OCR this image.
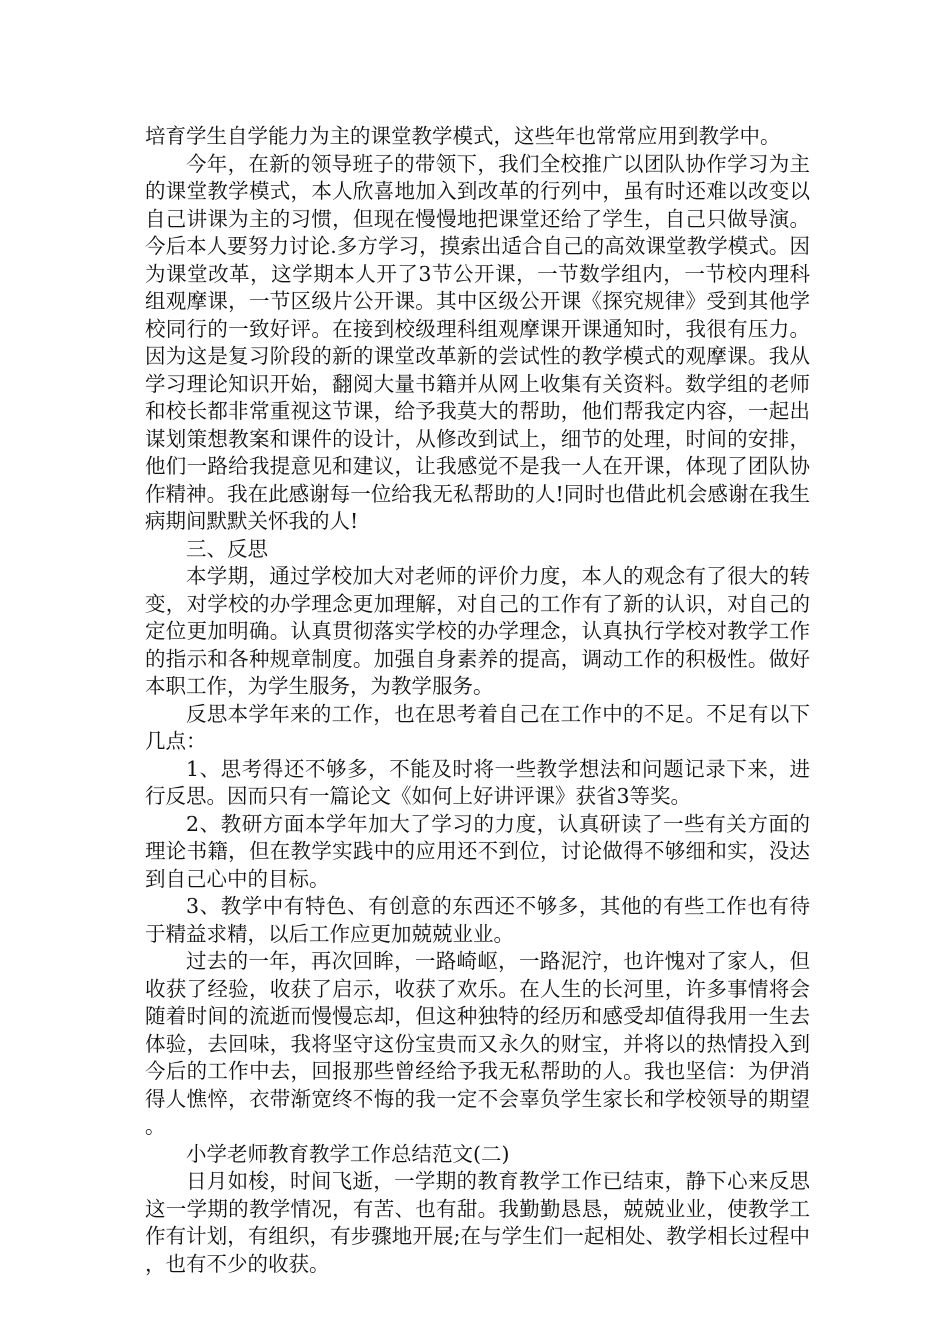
培育学生自学能力为主的课堂教学模式，这些年也常常应用到教学中。

今年，在新的领导班子的带领下，我们全校推广以团队协作学习为主的课堂教学模式，本人欣喜地加入到改革的行列中，虽有时还难以改变以自己讲课为主的习惯，但现在慢慢地把课堂还给了学生，自己只做导演。今后本人要努力讨论.多方学习，摸索出适合自己的高效课堂教学模式。因为课堂改革，这学期本人开了3节公开课，一节数学组内，一节校内理科组观摩课，一节区级片公开课。其中区级公开课《探究规律》受到其他学校同行的一致好评。在接到校级理科组观摩课开课通知时，我很有压力。因为这是复习阶段的新的课堂改革新的尝试性的教学模式的观摩课。我从学习理论知识开始，翻阅大量书籍并从网上收集有关资料。数学组的老师和校长都非常重视这节课，给予我莫大的帮助，他们帮我定内容，一起出谋划策想教案和课件的设计，从修改到试上，细节的处理，时间的安排，他们一路给我提意见和建议，让我感觉不是我一人在开课，体现了团队协作精神。我在此感谢每一位给我无私帮助的人!同时也借此机会感谢在我生病期间默默关怀我的人!

三、反思

本学期，通过学校加大对老师的评价力度，本人的观念有了很大的转变，对学校的办学理念更加理解，对自己的工作有了新的认识，对自己的定位更加明确。认真贯彻落实学校的办学理念，认真执行学校对教学工作的指示和各种规章制度。加强自身素养的提高，调动工作的积极性。做好本职工作，为学生服务，为教学服务。

反思本学年来的工作，也在思考着自己在工作中的不足。不足有以下几点：

1、思考得还不够多，不能及时将一些教学想法和问题记录下来，进行反思。因而只有一篇论文《如何上好讲评课》获省3等奖。

2、教研方面本学年加大了学习的力度，认真研读了一些有关方面的理论书籍，但在教学实践中的应用还不到位，讨论做得不够细和实，没达到自己心中的目标。

3、教学中有特色、有创意的东西还不够多，其他的有些工作也有待于精益求精，以后工作应更加兢兢业业。

过去的一年，再次回眸，一路崎岖，一路泥泞，也许愧对了家人，但收获了经验，收获了启示，收获了欢乐。在人生的长河里，许多事情将会随着时间的流逝而慢慢忘却，但这种独特的经历和感受却值得我用一生去体验，去回味，我将坚守这份宝贵而又永久的财宝，并将以的热情投入到今后的工作中去，回报那些曾经给予我无私帮助的人。我也坚信：为伊消得人憔悴，衣带渐宽终不悔的我一定不会辜负学生家长和学校领导的期望。

小学老师教育教学工作总结范文(二)

日月如梭，时间飞逝，一学期的教育教学工作已结束，静下心来反思这一学期的教学情况，有苦、也有甜。我勤勤恳恳，兢兢业业，使教学工作有计划，有组织，有步骤地开展;在与学生们一起相处、教学相长过程中，也有不少的收获。
